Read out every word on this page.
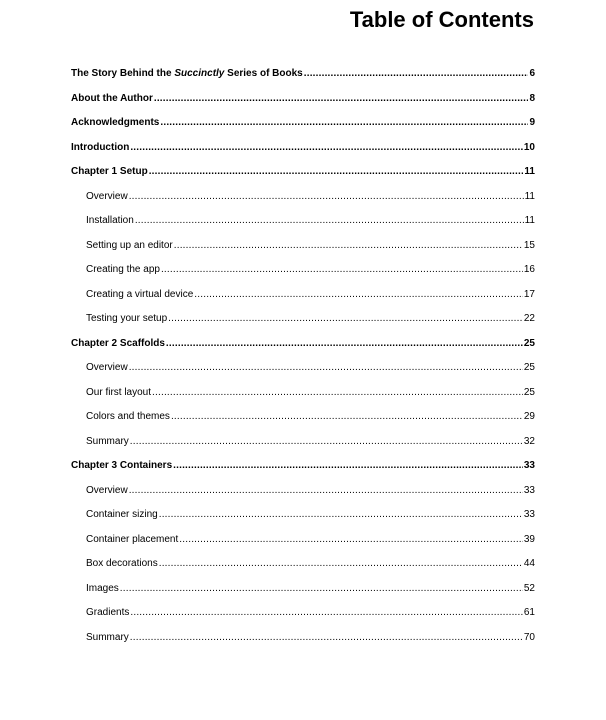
Table of Contents
The Story Behind the Succinctly Series of Books .....	6
About the Author .....	8
Acknowledgments .....	9
Introduction .....	10
Chapter 1 Setup .....	11
Overview .....	11
Installation .....	11
Setting up an editor .....	15
Creating the app .....	16
Creating a virtual device .....	17
Testing your setup .....	22
Chapter 2 Scaffolds .....	25
Overview .....	25
Our first layout .....	25
Colors and themes .....	29
Summary .....	32
Chapter 3 Containers .....	33
Overview .....	33
Container sizing .....	33
Container placement .....	39
Box decorations .....	44
Images .....	52
Gradients .....	61
Summary .....	70
